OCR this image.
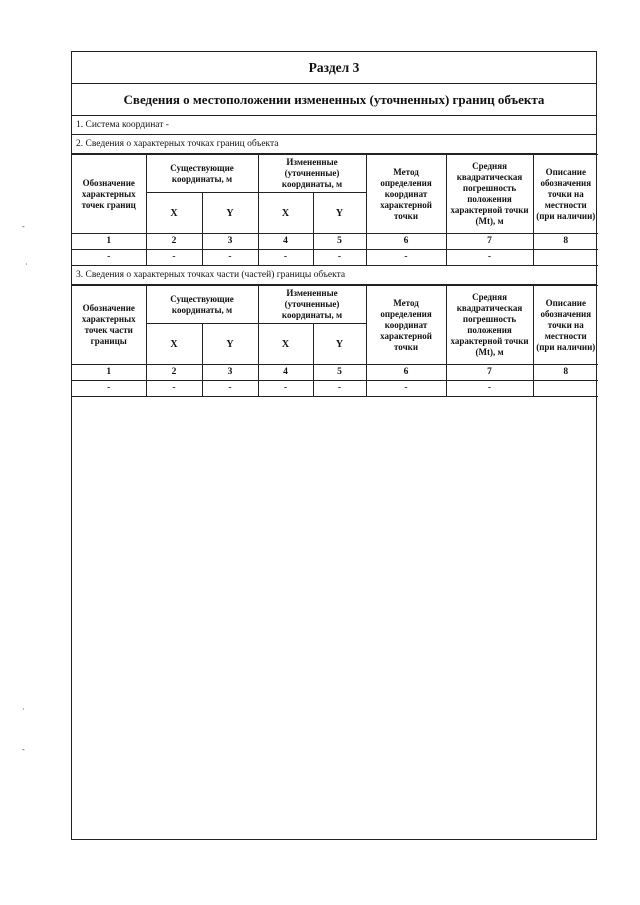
Раздел 3
Сведения о местоположении измененных (уточненных) границ объекта
1. Система координат -
2. Сведения о характерных точках границ объекта
Обозначение характерных точек границ	Существующие координаты, м		Измененные (уточненные) координаты, м		Метод определения координат характерной точки	Средняя квадратическая погрешность положения характерной точки (Mt), м	Описание обозначения точки на местности (при наличии)
	X	Y	X	Y			
1	2	3	4	5	6	7	8
-	-	-	-	-	-	-	
3. Сведения о характерных точках части (частей) границы объекта
Обозначение характерных точек части границы	Существующие координаты, м		Измененные (уточненные) координаты, м		Метод определения координат характерной точки	Средняя квадратическая погрешность положения характерной точки (Mt), м	Описание обозначения точки на местности (при наличии)
	X	Y	X	Y			
1	2	3	4	5	6	7	8
-	-	-	-	-	-	-	
-
·
·
-
